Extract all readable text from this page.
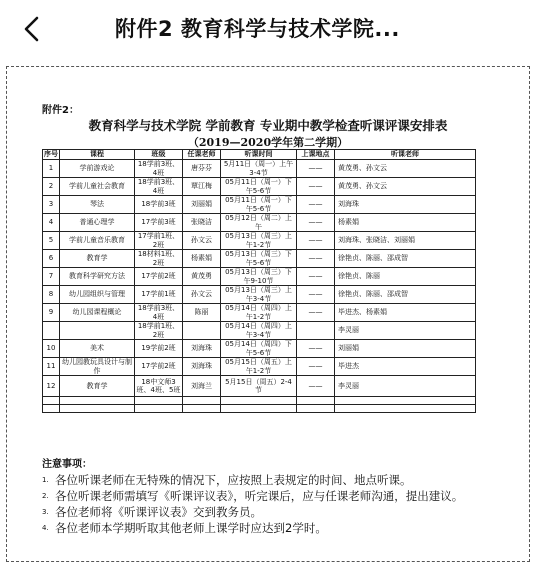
附件2 教育科学与技术学院...
附件2：
教育科学与技术学院 学前教育 专业期中教学检查听课评课安排表
（2019—2020学年第二学期）
序号	课程	班级	任课老师	听课时间	上课地点	听课老师
1	学前游戏论	18学前3班、4班	唐芬芬	5月11日（周一）上午3-4节	——	黄茂勇、孙文云
2	学前儿童社会教育	18学前3班、4班	覃江梅	05月11日（周一）下午5-6节	——	黄茂勇、孙文云
3	琴法	18学前3班	刘丽娟	05月11日（周一）下午5-6节	——	刘海珠
4	普通心理学	17学前3班	张晓洁	05月12日（周二）上午	——	杨素娟
5	学前儿童音乐教育	17学前1班、2班	孙文云	05月13日（周三）上午1-2节	——	刘海珠、张晓洁、刘丽娟
6	教育学	18材料1班、2班	杨素娟	05月13日（周三）下午5-6节	——	徐艳贞、陈丽、邵成智
7	教育科学研究方法	17学前2班	黄茂勇	05月13日（周三）下午9-10节	——	徐艳贞、陈丽
8	幼儿园组织与管理	17学前1班	孙文云	05月13日（周三）上午3-4节	——	徐艳贞、陈丽、邵成智
9	幼儿园课程概论	18学前3班、4班	陈丽	05月14日（周四）上午1-2节	——	毕进杰、杨素娟
		18学前1班、2班		05月14日（周四）上午3-4节		李灵丽
10	美术	19学前2班	刘海珠	05月14日（周四）下午5-6节	——	刘丽娟
11	幼儿园教玩具设计与制作	17学前2班	刘海珠	05月15日（周五）上午1-2节	——	毕进杰
12	教育学	18中文师3班、4班、5班	刘海兰	5月15日（周五）2-4节	——	李灵丽

注意事项：
1. 各位听课老师在无特殊的情况下，应按照上表规定的时间、地点听课。
2. 各位听课老师需填写《听课评议表》，听完课后，应与任课老师沟通，提出建议。
3. 各位老师将《听课评议表》交到教务员。
4. 各位老师本学期听取其他老师上课学时应达到2学时。
